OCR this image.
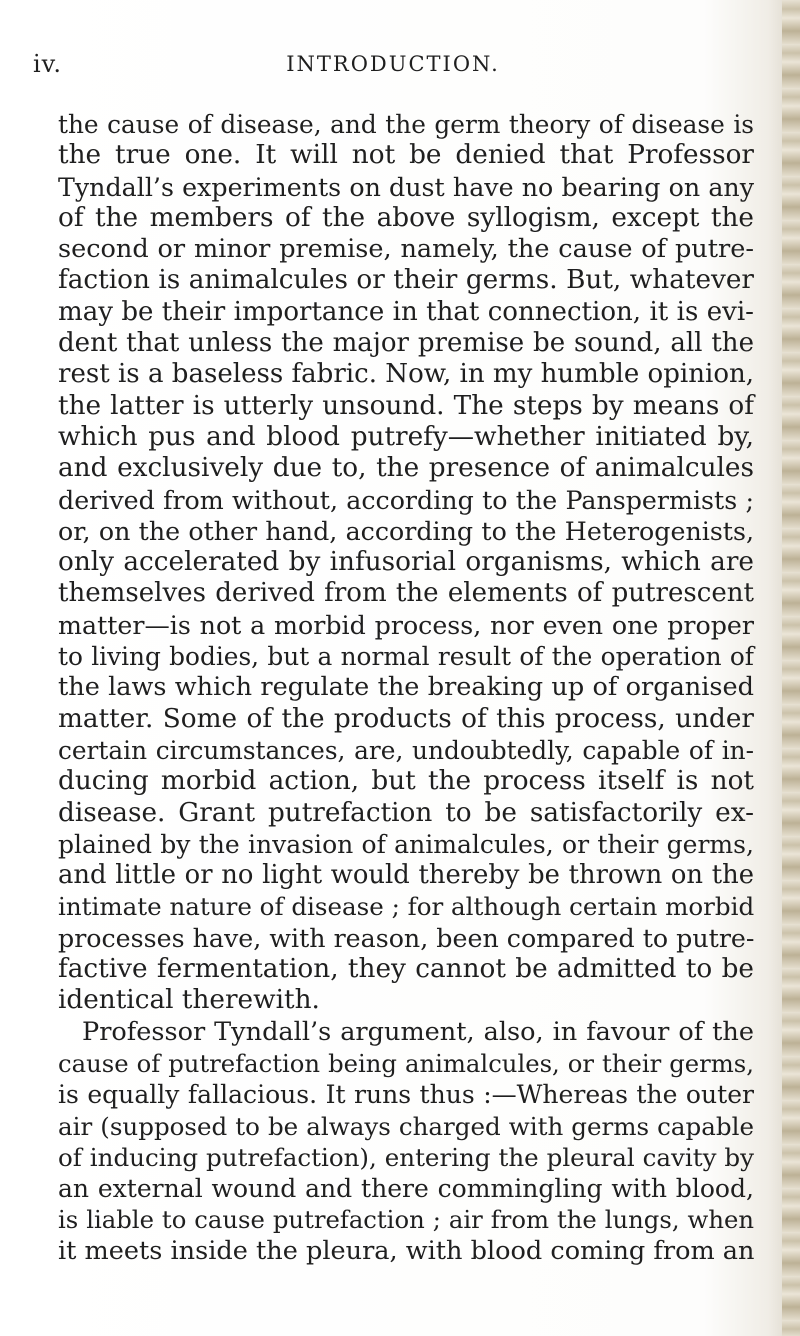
iv.	INTRODUCTION.
the cause of disease, and the germ theory of disease is
the true one. It will not be denied that Professor
Tyndall’s experiments on dust have no bearing on any
of the members of the above syllogism, except the
second or minor premise, namely, the cause of putre-
faction is animalcules or their germs. But, whatever
may be their importance in that connection, it is evi-
dent that unless the major premise be sound, all the
rest is a baseless fabric. Now, in my humble opinion,
the latter is utterly unsound. The steps by means of
which pus and blood putrefy—whether initiated by,
and exclusively due to, the presence of animalcules
derived from without, according to the Panspermists ;
or, on the other hand, according to the Heterogenists,
only accelerated by infusorial organisms, which are
themselves derived from the elements of putrescent
matter—is not a morbid process, nor even one proper
to living bodies, but a normal result of the operation of
the laws which regulate the breaking up of organised
matter. Some of the products of this process, under
certain circumstances, are, undoubtedly, capable of in-
ducing morbid action, but the process itself is not
disease. Grant putrefaction to be satisfactorily ex-
plained by the invasion of animalcules, or their germs,
and little or no light would thereby be thrown on the
intimate nature of disease ; for although certain morbid
processes have, with reason, been compared to putre-
factive fermentation, they cannot be admitted to be
identical therewith.
Professor Tyndall’s argument, also, in favour of the
cause of putrefaction being animalcules, or their germs,
is equally fallacious. It runs thus :—Whereas the outer
air (supposed to be always charged with germs capable
of inducing putrefaction), entering the pleural cavity by
an external wound and there commingling with blood,
is liable to cause putrefaction ; air from the lungs, when
it meets inside the pleura, with blood coming from an
